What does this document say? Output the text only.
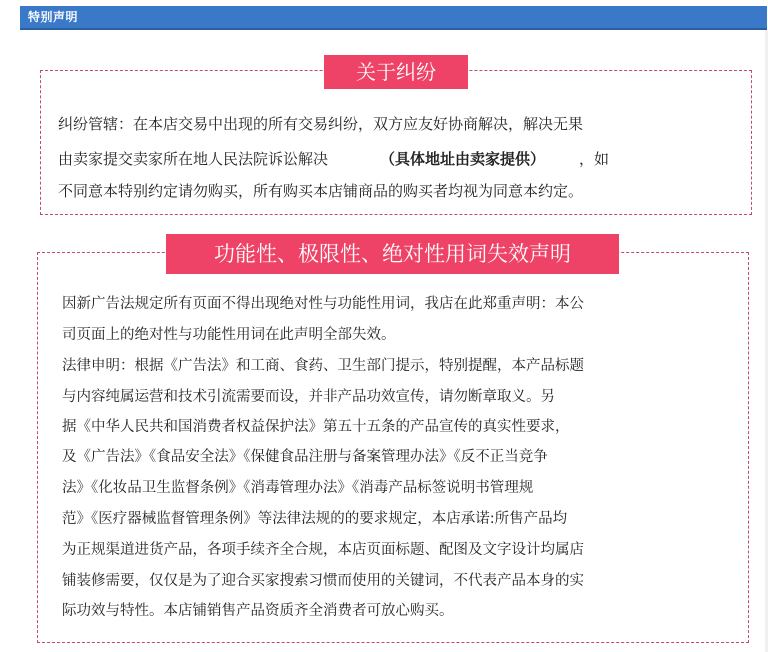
特别声明
关于纠纷
纠纷管辖：在本店交易中出现的所有交易纠纷，双方应友好协商解决，解决无果
由卖家提交卖家所在地人民法院诉讼解决	（具体地址由卖家提供） ，如
不同意本特别约定请勿购买，所有购买本店铺商品的购买者均视为同意本约定。
功能性、极限性、绝对性用词失效声明
因新广告法规定所有页面不得出现绝对性与功能性用词，我店在此郑重声明：本公
司页面上的绝对性与功能性用词在此声明全部失效。
法律申明：根据《广告法》和工商、食药、卫生部门提示，特别提醒，本产品标题
与内容纯属运营和技术引流需要而设，并非产品功效宣传，请勿断章取义。另
据《中华人民共和国消费者权益保护法》第五十五条的产品宣传的真实性要求，
及《广告法》《食品安全法》《保健食品注册与备案管理办法》《反不正当竞争
法》《化妆品卫生监督条例》《消毒管理办法》《消毒产品标签说明书管理规
范》《医疗器械监督管理条例》等法律法规的的要求规定，本店承诺:所售产品均
为正规渠道进货产品，各项手续齐全合规，本店页面标题、配图及文字设计均属店
铺装修需要，仅仅是为了迎合买家搜索习惯而使用的关键词，不代表产品本身的实
际功效与特性。本店铺销售产品资质齐全消费者可放心购买。
